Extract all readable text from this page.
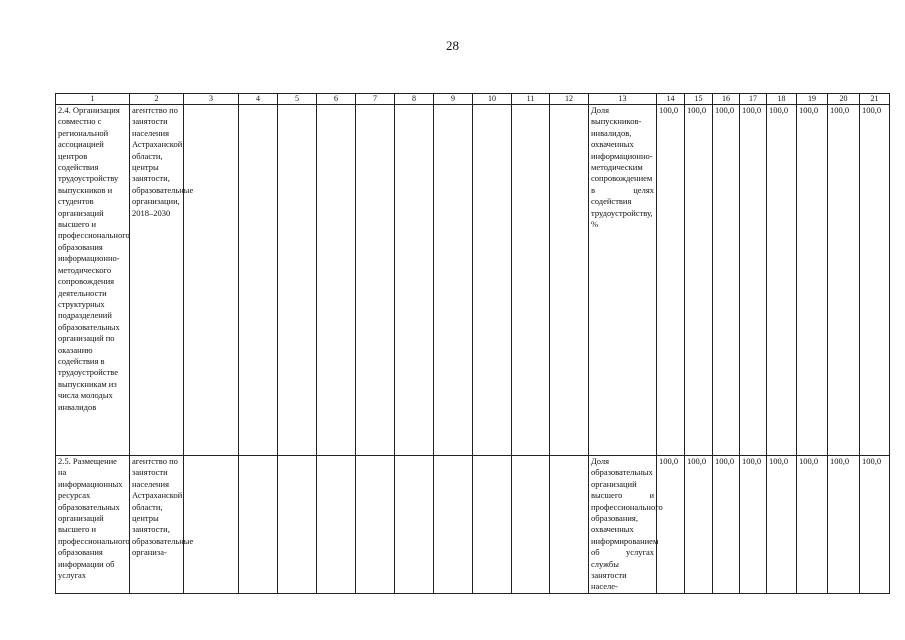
28
1	2	3	4	5	6	7	8	9	10	11	12	13	14	15	16	17	18	19	20	21
2.4. Организация совместно с региональной ассоциацией центров содействия трудоустройству выпускников и студентов организаций высшего и профессионального образования информационно-методического сопровождения деятельности структурных подразделений образовательных организаций по оказанию содействия в трудоустройстве выпускникам из числа молодых инвалидов	агентство по занятости населения Астраханской области, центры занятости, образовательные организации, 2018–2030											Доля выпускников-инвалидов, охваченных информационно-методическим сопровождением в целях содействия трудоустройству, %	100,0	100,0	100,0	100,0	100,0	100,0	100,0	100,0
2.5. Размещение на информационных ресурсах образовательных организаций высшего и профессионального образования информации об услугах	агентство по занятости населения Астраханской области, центры занятости, образовательные организа-											Доля образовательных организаций высшего и профессионального образования, охваченных информированием об услугах службы занятости населе-	100,0	100,0	100,0	100,0	100,0	100,0	100,0	100,0
